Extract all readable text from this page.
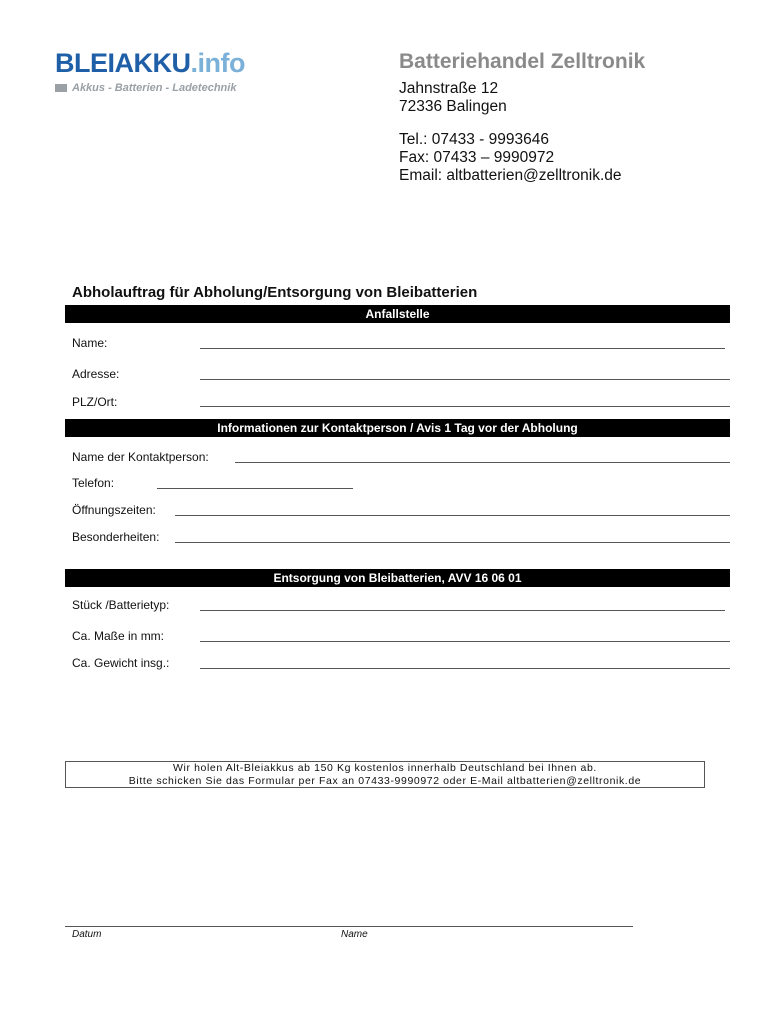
BLEIAKKU.info
Akkus - Batterien - Ladetechnik
Batteriehandel Zelltronik
Jahnstraße 12
72336 Balingen
Tel.: 07433 - 9993646
Fax: 07433 – 9990972
Email: altbatterien@zelltronik.de
Abholauftrag für Abholung/Entsorgung von Bleibatterien
Anfallstelle
Name:
Adresse:
PLZ/Ort:
Informationen zur Kontaktperson / Avis 1 Tag vor der Abholung
Name der Kontaktperson:
Telefon:
Öffnungszeiten:
Besonderheiten:
Entsorgung von Bleibatterien, AVV 16 06 01
Stück /Batterietyp:
Ca. Maße in mm:
Ca. Gewicht insg.:
Wir holen Alt-Bleiakkus ab 150 Kg kostenlos innerhalb Deutschland bei Ihnen ab.
Bitte schicken Sie das Formular per Fax an 07433-9990972 oder E-Mail altbatterien@zelltronik.de
Datum	Name
